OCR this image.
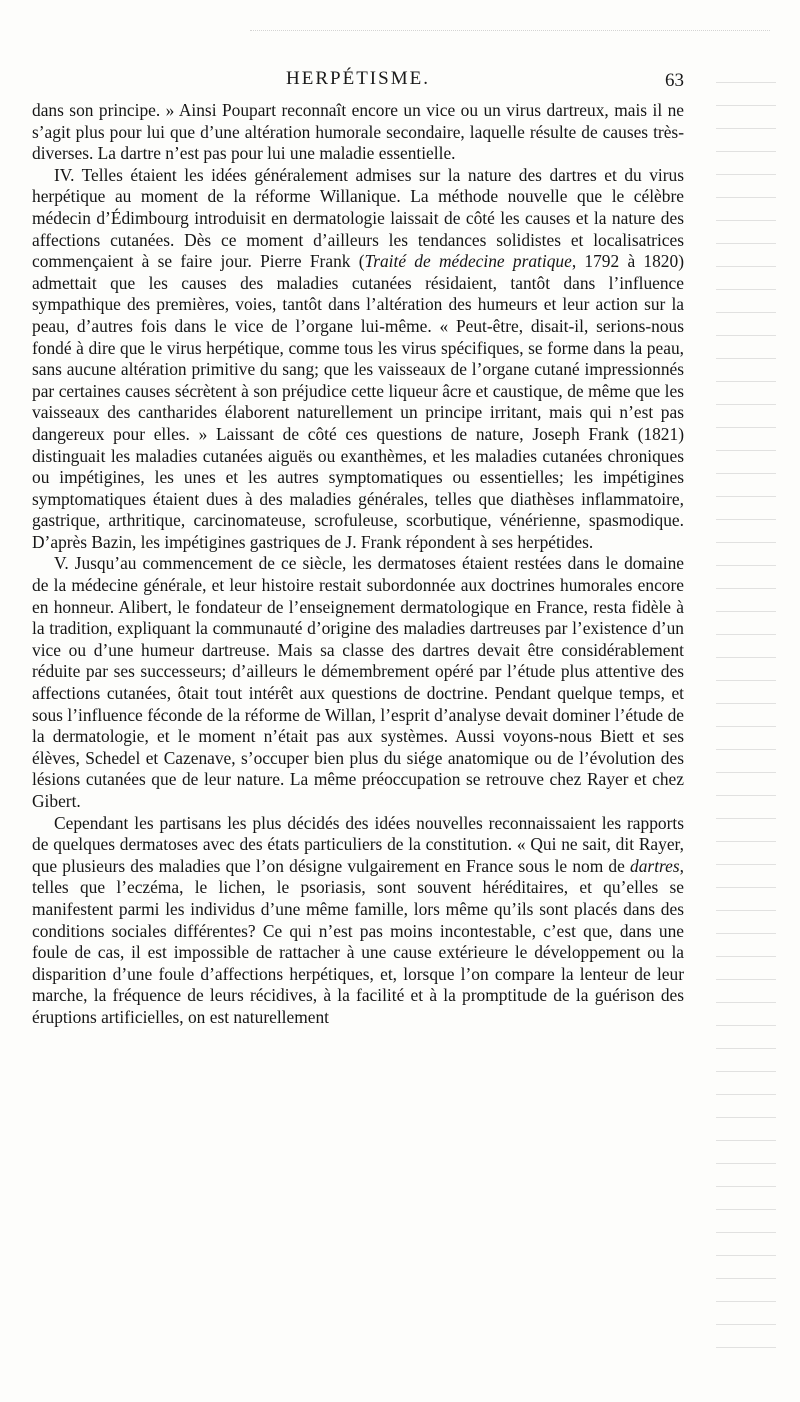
HERPÉTISME.	63

dans son principe. » Ainsi Poupart reconnaît encore un vice ou un virus dartreux, mais il ne s’agit plus pour lui que d’une altération humorale secondaire, laquelle résulte de causes très-diverses. La dartre n’est pas pour lui une maladie essentielle.

IV. Telles étaient les idées généralement admises sur la nature des dartres et du virus herpétique au moment de la réforme Willanique. La méthode nouvelle que le célèbre médecin d’Édimbourg introduisit en dermatologie laissait de côté les causes et la nature des affections cutanées. Dès ce moment d’ailleurs les tendances solidistes et localisatrices commençaient à se faire jour. Pierre Frank (Traité de médecine pratique, 1792 à 1820) admettait que les causes des maladies cutanées résidaient, tantôt dans l’influence sympathique des premières, voies, tantôt dans l’altération des humeurs et leur action sur la peau, d’autres fois dans le vice de l’organe lui-même. « Peut-être, disait-il, serions-nous fondé à dire que le virus herpétique, comme tous les virus spécifiques, se forme dans la peau, sans aucune altération primitive du sang; que les vaisseaux de l’organe cutané impressionnés par certaines causes sécrètent à son préjudice cette liqueur âcre et caustique, de même que les vaisseaux des cantharides élaborent naturellement un principe irritant, mais qui n’est pas dangereux pour elles. » Laissant de côté ces questions de nature, Joseph Frank (1821) distinguait les maladies cutanées aiguës ou exanthèmes, et les maladies cutanées chroniques ou impétigines, les unes et les autres symptomatiques ou essentielles; les impétigines symptomatiques étaient dues à des maladies générales, telles que diathèses inflammatoire, gastrique, arthritique, carcinomateuse, scrofuleuse, scorbutique, vénérienne, spasmodique. D’après Bazin, les impétigines gastriques de J. Frank répondent à ses herpétides.

V. Jusqu’au commencement de ce siècle, les dermatoses étaient restées dans le domaine de la médecine générale, et leur histoire restait subordonnée aux doctrines humorales encore en honneur. Alibert, le fondateur de l’enseignement dermatologique en France, resta fidèle à la tradition, expliquant la communauté d’origine des maladies dartreuses par l’existence d’un vice ou d’une humeur dartreuse. Mais sa classe des dartres devait être considérablement réduite par ses successeurs; d’ailleurs le démembrement opéré par l’étude plus attentive des affections cutanées, ôtait tout intérêt aux questions de doctrine. Pendant quelque temps, et sous l’influence féconde de la réforme de Willan, l’esprit d’analyse devait dominer l’étude de la dermatologie, et le moment n’était pas aux systèmes. Aussi voyons-nous Biett et ses élèves, Schedel et Cazenave, s’occuper bien plus du siége anatomique ou de l’évolution des lésions cutanées que de leur nature. La même préoccupation se retrouve chez Rayer et chez Gibert.

Cependant les partisans les plus décidés des idées nouvelles reconnaissaient les rapports de quelques dermatoses avec des états particuliers de la constitution. « Qui ne sait, dit Rayer, que plusieurs des maladies que l’on désigne vulgairement en France sous le nom de dartres, telles que l’eczéma, le lichen, le psoriasis, sont souvent héréditaires, et qu’elles se manifestent parmi les individus d’une même famille, lors même qu’ils sont placés dans des conditions sociales différentes? Ce qui n’est pas moins incontestable, c’est que, dans une foule de cas, il est impossible de rattacher à une cause extérieure le développement ou la disparition d’une foule d’affections herpétiques, et, lorsque l’on compare la lenteur de leur marche, la fréquence de leurs récidives, à la facilité et à la promptitude de la guérison des éruptions artificielles, on est naturellement
